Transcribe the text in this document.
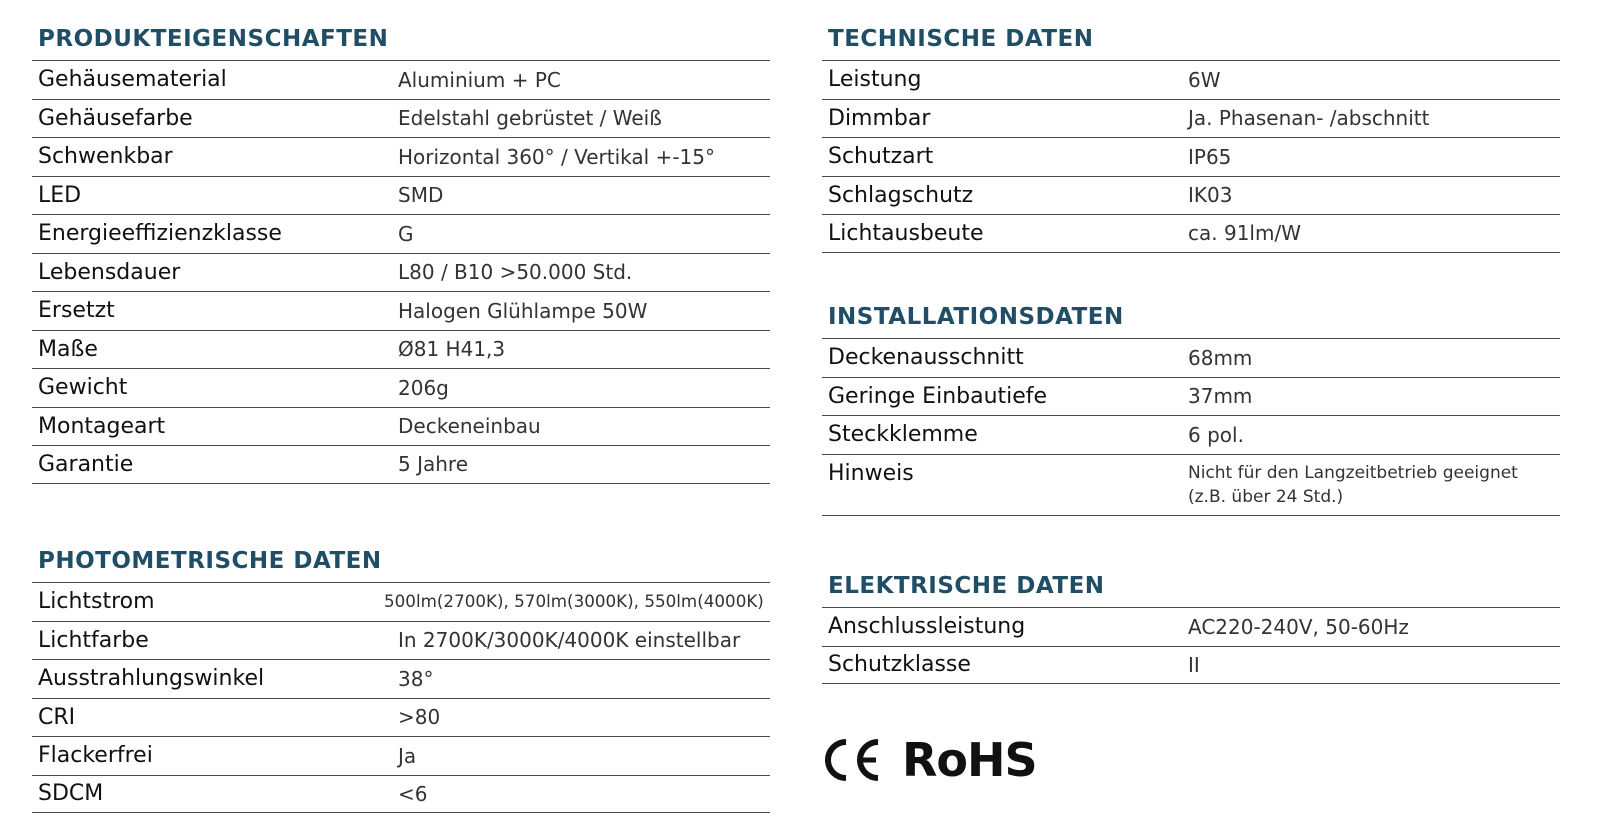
PRODUKTEIGENSCHAFTEN
Gehäusematerial	Aluminium + PC
Gehäusefarbe	Edelstahl gebrüstet / Weiß
Schwenkbar	Horizontal 360° / Vertikal +-15°
LED	SMD
Energieeffizienzklasse	G
Lebensdauer	L80 / B10 >50.000 Std.
Ersetzt	Halogen Glühlampe 50W
Maße	Ø81 H41,3
Gewicht	206g
Montageart	Deckeneinbau
Garantie	5 Jahre
PHOTOMETRISCHE DATEN
Lichtstrom	500lm(2700K), 570lm(3000K), 550lm(4000K)
Lichtfarbe	In 2700K/3000K/4000K einstellbar
Ausstrahlungswinkel	38°
CRI	>80
Flackerfrei	Ja
SDCM	<6
TECHNISCHE DATEN
Leistung	6W
Dimmbar	Ja. Phasenan- /abschnitt
Schutzart	IP65
Schlagschutz	IK03
Lichtausbeute	ca. 91lm/W
INSTALLATIONSDATEN
Deckenausschnitt	68mm
Geringe Einbautiefe	37mm
Steckklemme	6 pol.
Hinweis	Nicht für den Langzeitbetrieb geeignet
(z.B. über 24 Std.)
ELEKTRISCHE DATEN
Anschlussleistung	AC220-240V, 50-60Hz
Schutzklasse	II
RoHS
